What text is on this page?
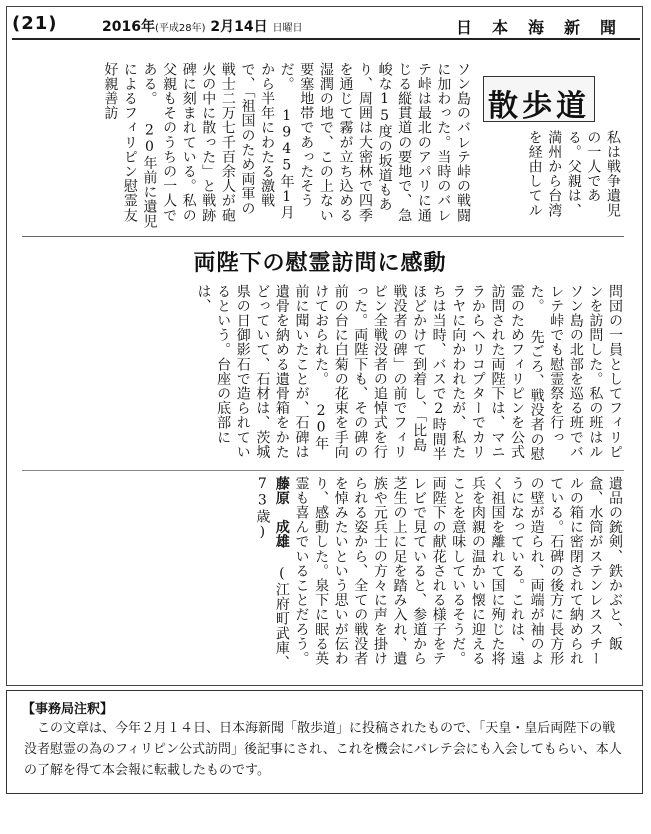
(21)	2016年(平成28年) 2月14日 日曜日	日本海新聞
散歩道
私は戦争遺児の一人である。父親は、満州から台湾を経由してル
ソン島のバレテ峠の戦闘に加わった。当時のバレテ峠は最北のアパリに通じる縦貫道の要地で、急峻な15度の坂道もあり、周囲は大密林で四季を通じて霧が立ち込める湿潤の地で、この上ない要塞地帯であったそうだ。 1945年1月から半年にわたる激戦で、「祖国のため両軍の戦士二万七千百余人が砲火の中に散った」と戦跡碑に刻まれている。私の父親もそのうちの一人である。 20年前に遺児によるフィリピン慰霊友好親善訪
両陛下の慰霊訪問に感動
問団の一員としてフィリピンを訪問した。私の班はルソン島の北部を巡る班でバレテ峠でも慰霊祭を行った。 先ごろ、戦没者の慰霊のためフィリピンを公式訪問された両陛下は、マニラからヘリコプターでカリラヤに向かわれたが、私たちは当時、バスで2時間半ほどかけて到着し、「比島戦没者の碑」の前でフィリピン全戦没者の追悼式を行った。両陛下も、その碑の前の台に白菊の花束を手向けておられた。 20年前に聞いたことが、石碑は遺骨を納める遺骨箱をかたどっていて、石材は、茨城県の日御影石で造られているという。台座の底部には、
遺品の銃剣、鉄かぶと、飯盒、水筒がステンレススチールの箱に密閉されて納められている。石碑の後方に長方形の壁が造られ、両端が袖のようになっている。これは、遠く祖国を離れて国に殉じた将兵を肉親の温かい懐に迎えることを意味しているそうだ。 両陛下の献花される様子をテレビで見ていると、参道から芝生の上に足を踏み入れ、遺族や元兵士の方々に声を掛けられる姿から、全ての戦没者を悼みたいという思いが伝わり、感動した。泉下に眠る英霊も喜んでいることだろう。 藤原　成雄 (江府町武庫、73歳)
【事務局注釈】
この文章は、今年２月１４日、日本海新聞「散歩道」に投稿されたもので、「天皇・皇后両陛下の戦没者慰霊の為のフィリピン公式訪問」後記事にされ、これを機会にバレテ会にも入会してもらい、本人の了解を得て本会報に転載したものです。
